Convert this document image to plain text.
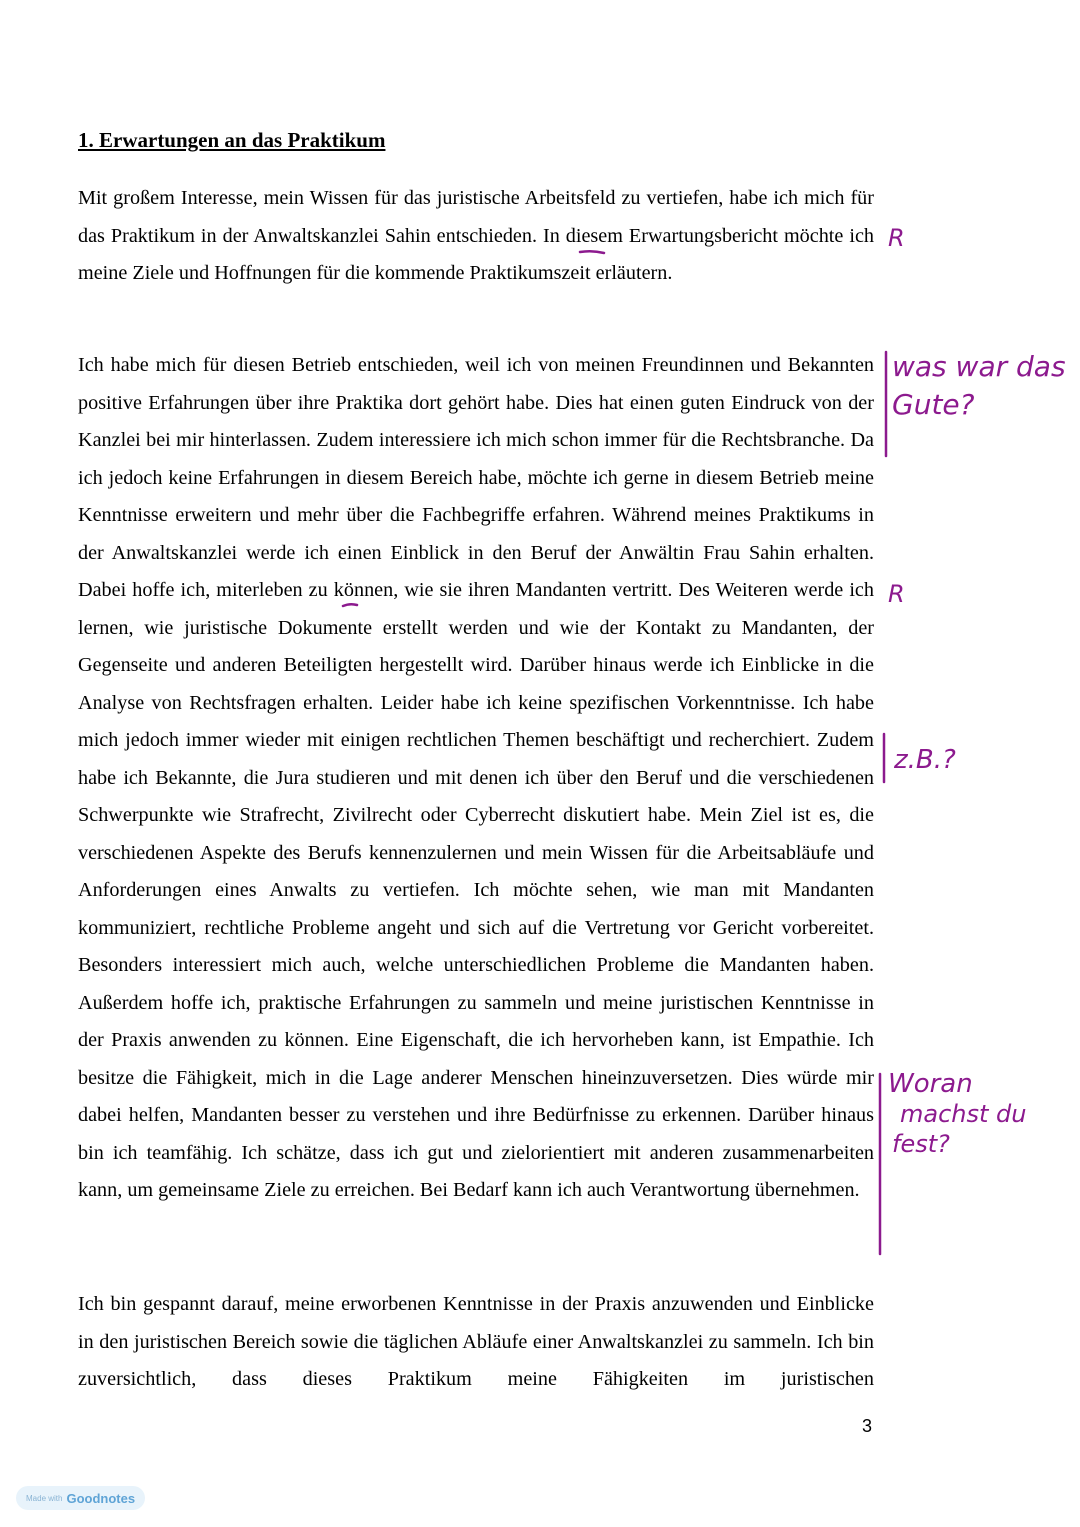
1. Erwartungen an das Praktikum

Mit großem Interesse, mein Wissen für das juristische Arbeitsfeld zu vertiefen, habe ich mich für das Praktikum in der Anwaltskanzlei Sahin entschieden. In diesem Erwartungsbericht möchte ich meine Ziele und Hoffnungen für die kommende Praktikumszeit erläutern.

Ich habe mich für diesen Betrieb entschieden, weil ich von meinen Freundinnen und Bekannten positive Erfahrungen über ihre Praktika dort gehört habe. Dies hat einen guten Eindruck von der Kanzlei bei mir hinterlassen. Zudem interessiere ich mich schon immer für die Rechtsbranche. Da ich jedoch keine Erfahrungen in diesem Bereich habe, möchte ich gerne in diesem Betrieb meine Kenntnisse erweitern und mehr über die Fachbegriffe erfahren. Während meines Praktikums in der Anwaltskanzlei werde ich einen Einblick in den Beruf der Anwältin Frau Sahin erhalten. Dabei hoffe ich, miterleben zu können, wie sie ihren Mandanten vertritt. Des Weiteren werde ich lernen, wie juristische Dokumente erstellt werden und wie der Kontakt zu Mandanten, der Gegenseite und anderen Beteiligten hergestellt wird. Darüber hinaus werde ich Einblicke in die Analyse von Rechtsfragen erhalten. Leider habe ich keine spezifischen Vorkenntnisse. Ich habe mich jedoch immer wieder mit einigen rechtlichen Themen beschäftigt und recherchiert. Zudem habe ich Bekannte, die Jura studieren und mit denen ich über den Beruf und die verschiedenen Schwerpunkte wie Strafrecht, Zivilrecht oder Cyberrecht diskutiert habe. Mein Ziel ist es, die verschiedenen Aspekte des Berufs kennenzulernen und mein Wissen für die Arbeitsabläufe und Anforderungen eines Anwalts zu vertiefen. Ich möchte sehen, wie man mit Mandanten kommuniziert, rechtliche Probleme angeht und sich auf die Vertretung vor Gericht vorbereitet. Besonders interessiert mich auch, welche unterschiedlichen Probleme die Mandanten haben. Außerdem hoffe ich, praktische Erfahrungen zu sammeln und meine juristischen Kenntnisse in der Praxis anwenden zu können. Eine Eigenschaft, die ich hervorheben kann, ist Empathie. Ich besitze die Fähigkeit, mich in die Lage anderer Menschen hineinzuversetzen. Dies würde mir dabei helfen, Mandanten besser zu verstehen und ihre Bedürfnisse zu erkennen. Darüber hinaus bin ich teamfähig. Ich schätze, dass ich gut und zielorientiert mit anderen zusammenarbeiten kann, um gemeinsame Ziele zu erreichen. Bei Bedarf kann ich auch Verantwortung übernehmen.

Ich bin gespannt darauf, meine erworbenen Kenntnisse in der Praxis anzuwenden und Einblicke in den juristischen Bereich sowie die täglichen Abläufe einer Anwaltskanzlei zu sammeln. Ich bin zuversichtlich, dass dieses Praktikum meine Fähigkeiten im juristischen

3

R
was war das
Gute?
R
z.B.?
Woran
machst du
fest?
Made with Goodnotes
